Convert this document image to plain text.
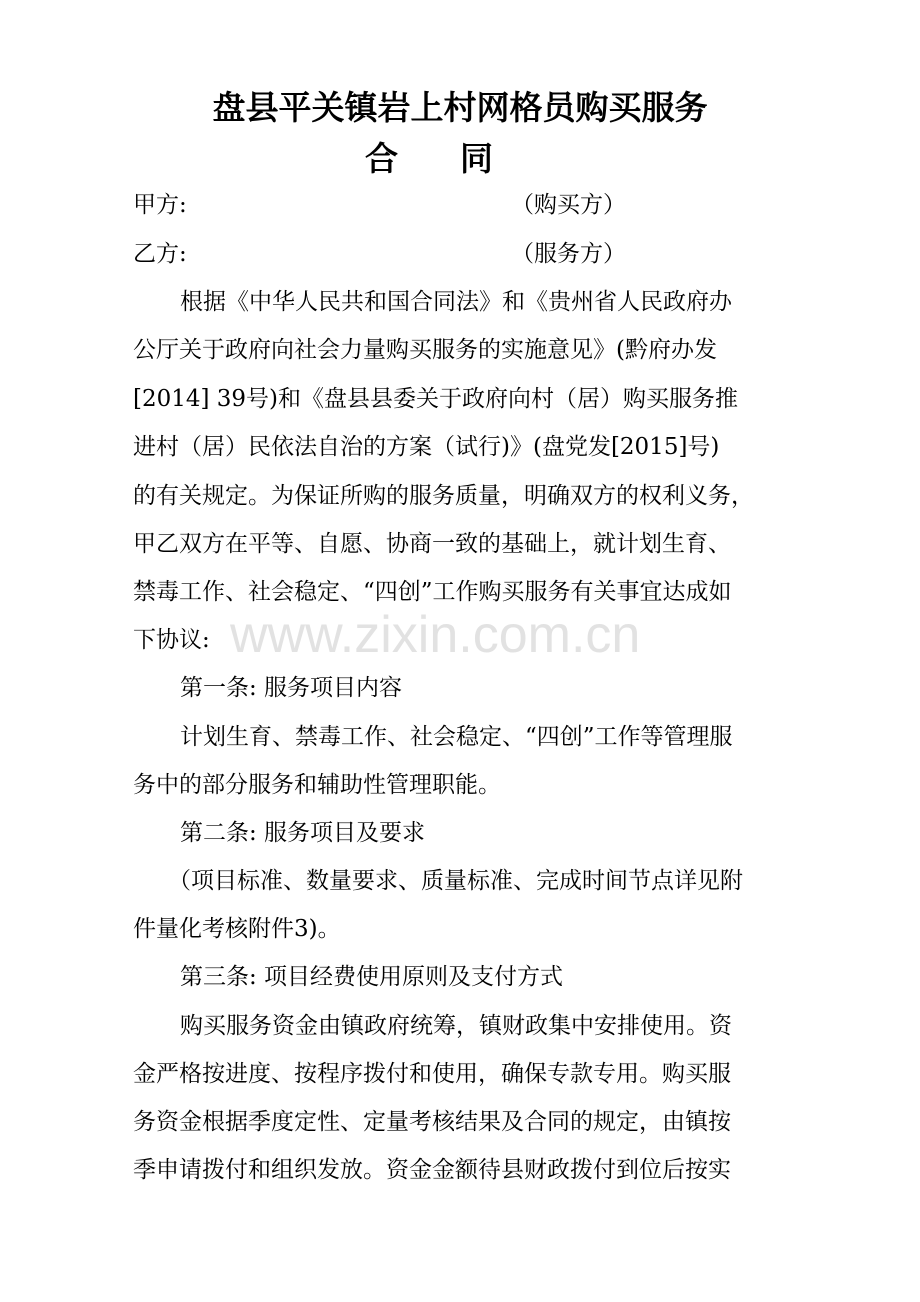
盘县平关镇岩上村网格员购买服务
合同
甲方:	（购买方）
乙方:	（服务方）
根据《中华人民共和国合同法》和《贵州省人民政府办
公厅关于政府向社会力量购买服务的实施意见》(黔府办发
[2014] 39号)和《盘县县委关于政府向村（居）购买服务推
进村（居）民依法自治的方案（试行)》(盘党发[2015]号)
的有关规定。为保证所购的服务质量，明确双方的权利义务，
甲乙双方在平等、自愿、协商一致的基础上，就计划生育、
禁毒工作、社会稳定、“四创”工作购买服务有关事宜达成如
下协议: www.zixin.com.cn
第一条: 服务项目内容
计划生育、禁毒工作、社会稳定、“四创”工作等管理服
务中的部分服务和辅助性管理职能。
第二条: 服务项目及要求
（项目标准、数量要求、质量标准、完成时间节点详见附
件量化考核附件3)。
第三条: 项目经费使用原则及支付方式
购买服务资金由镇政府统筹，镇财政集中安排使用。资
金严格按进度、按程序拨付和使用，确保专款专用。购买服
务资金根据季度定性、定量考核结果及合同的规定，由镇按
季申请拨付和组织发放。资金金额待县财政拨付到位后按实
